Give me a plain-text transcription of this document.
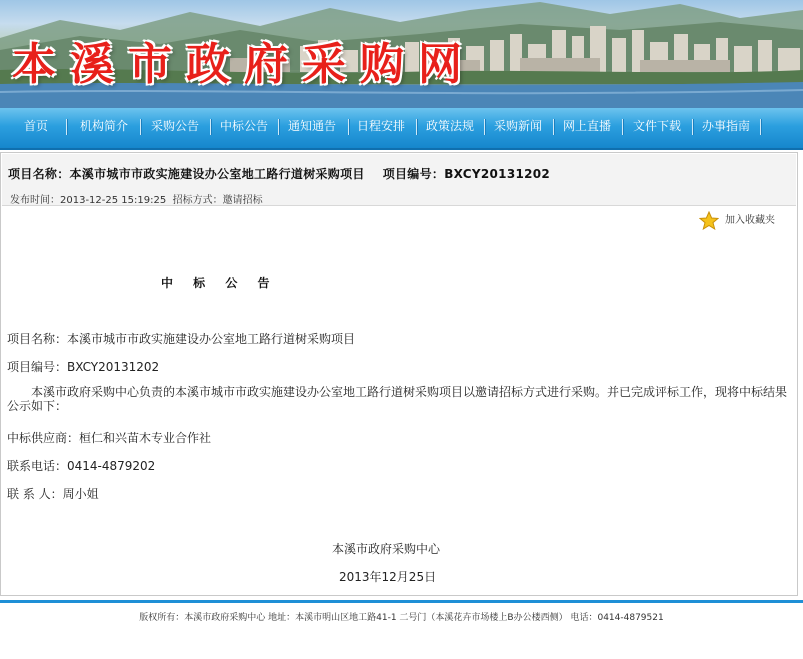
本溪市政府采购网
首页	机构简介	采购公告	中标公告	通知通告	日程安排	政策法规	采购新闻	网上直播	文件下载	办事指南
项目名称：本溪市城市市政实施建设办公室地工路行道树采购项目 项目编号：BXCY20131202
发布时间：2013-12-25 15:19:25 招标方式：邀请招标
加入收藏夹
中 标 公 告
项目名称：本溪市城市市政实施建设办公室地工路行道树采购项目
项目编号：BXCY20131202
本溪市政府采购中心负责的本溪市城市市政实施建设办公室地工路行道树采购项目以邀请招标方式进行采购。并已完成评标工作，现将中标结果公示如下：
中标供应商：桓仁和兴苗木专业合作社
联系电话：0414-4879202
联 系 人：周小姐
本溪市政府采购中心
2013年12月25日
版权所有：本溪市政府采购中心 地址：本溪市明山区地工路41-1 二号门（本溪花卉市场楼上B办公楼西侧） 电话：0414-4879521
